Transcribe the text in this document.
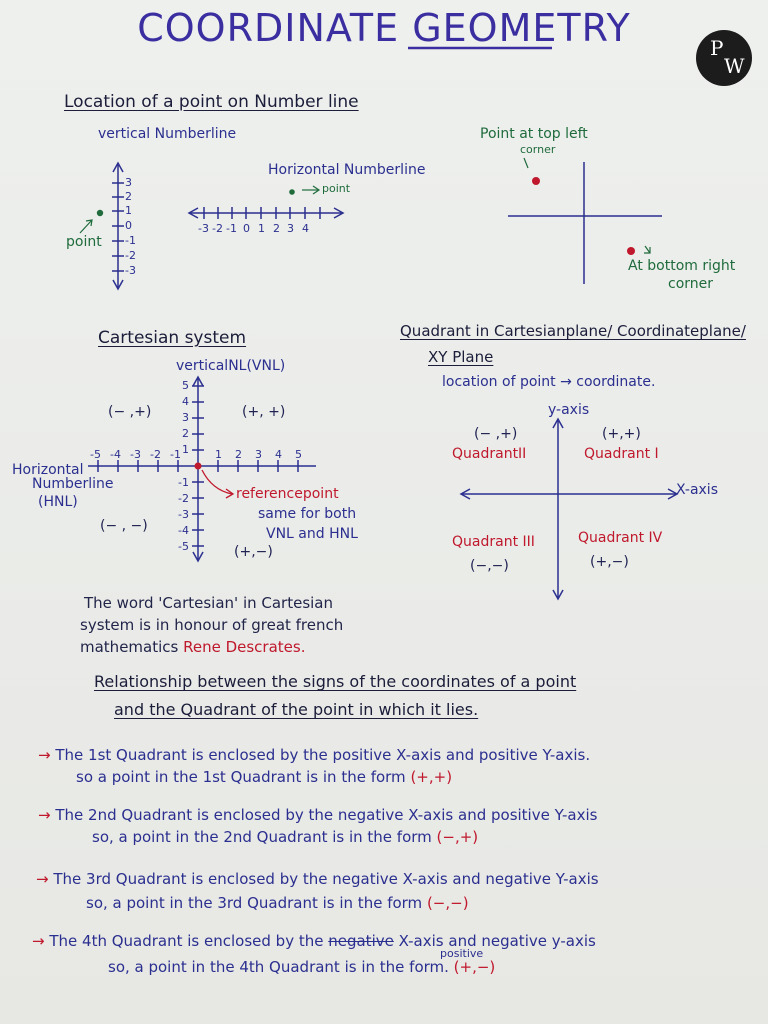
COORDINATE GEOMETRY	P
W
Location of a point on Number line
vertical Numberline
3
2
1
0
-1
-2
-3
point
Horizontal Numberline
point
-3 -2 -1 0 1 2 3 4
Point at top left
corner
At bottom right
corner
Cartesian system
verticalNL(VNL)
5
4
3
2
1
-1
-2
-3
-4
-5
-5 -4 -3 -2 -1	1 2 3 4 5
Horizontal
Numberline
(HNL)
(− ,+)	(+, +)
(− , −)
(+,−)
referencepoint
same for both
VNL and HNL
Quadrant in Cartesianplane/ Coordinateplane/
XY Plane
location of point → coordinate.
y-axis
X-axis
(− ,+)
QuadrantII
(+,+)
Quadrant I
Quadrant III
(−,−)
Quadrant IV
(+,−)
The word 'Cartesian' in Cartesian
system is in honour of great french
mathematics Rene Descrates.
Relationship between the signs of the coordinates of a point
and the Quadrant of the point in which it lies.
→ The 1st Quadrant is enclosed by the positive X-axis and positive Y-axis.
so a point in the 1st Quadrant is in the form (+,+)
→ The 2nd Quadrant is enclosed by the negative X-axis and positive Y-axis
so, a point in the 2nd Quadrant is in the form (−,+)
→ The 3rd Quadrant is enclosed by the negative X-axis and negative Y-axis
so, a point in the 3rd Quadrant is in the form (−,−)
→ The 4th Quadrant is enclosed by the negative X-axis and negative y-axis
positive
so, a point in the 4th Quadrant is in the form. (+,−)
